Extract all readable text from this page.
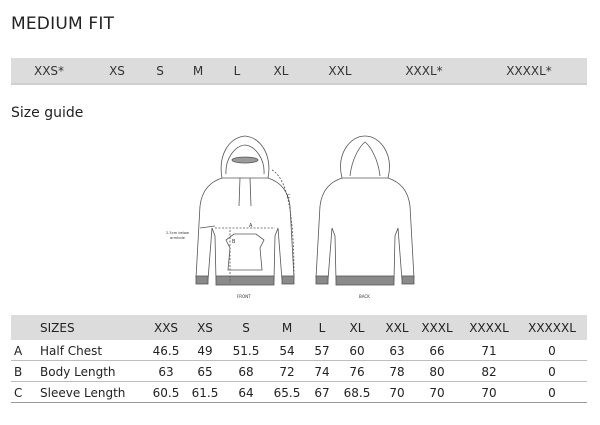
MEDIUM FIT
XXS*	XS	S M	L	XL	XXL	XXXL*	XXXXL*
Size guide
2.5cm below
armhole
A
B
C
FRONT	BACK
SIZES	XXS XS S	M L XL XXL XXXL XXXXL XXXXXL
A Half Chest	46.5 49 51.5 54 57 60 63 66	71	0
B Body Length	63 65 68 72 74 76 78 80	82	0
C Sleeve Length 60.5 61.5 64 65.5 67 68.5 70 70	70	0
